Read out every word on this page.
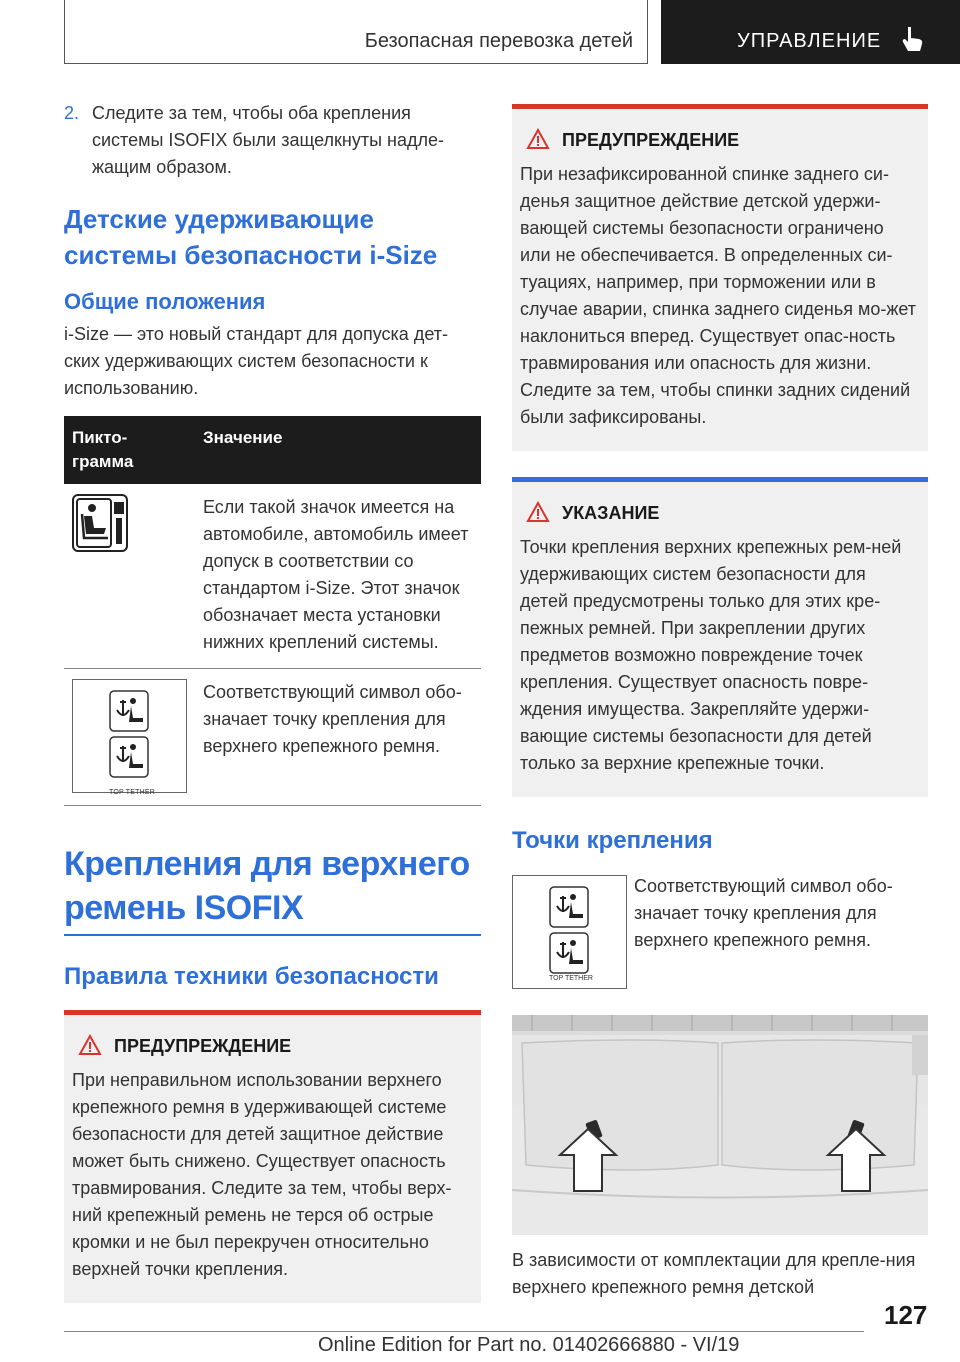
Безопасная перевозка детей	УПРАВЛЕНИЕ
2. Следите за тем, чтобы оба крепления системы ISOFIX были защелкнуты надле-жащим образом.
Детские удерживающие системы безопасности i-Size
Общие положения
i-Size — это новый стандарт для допуска дет-ских удерживающих систем безопасности к использованию.
Пикто-грамма	Значение
	Если такой значок имеется на автомобиле, автомобиль имеет допуск в соответствии со стандартом i-Size. Этот значок обозначает места установки нижних креплений системы.

TOP TETHER	Соответствующий символ обо-значает точку крепления для верхнего крепежного ремня.
Крепления для верхнего ремень ISOFIX
Правила техники безопасности
ПРЕДУПРЕЖДЕНИЕ
При неправильном использовании верхнего крепежного ремня в удерживающей системе безопасности для детей защитное действие может быть снижено. Существует опасность травмирования. Следите за тем, чтобы верх-ний крепежный ремень не терся об острые кромки и не был перекручен относительно верхней точки крепления.
ПРЕДУПРЕЖДЕНИЕ
При незафиксированной спинке заднего си-денья защитное действие детской удержи-вающей системы безопасности ограничено или не обеспечивается. В определенных си-туациях, например, при торможении или в случае аварии, спинка заднего сиденья мо-жет наклониться вперед. Существует опас-ность травмирования или опасность для жизни. Следите за тем, чтобы спинки задних сидений были зафиксированы.
УКАЗАНИЕ
Точки крепления верхних крепежных рем-ней удерживающих систем безопасности для детей предусмотрены только для этих кре-пежных ремней. При закреплении других предметов возможно повреждение точек крепления. Существует опасность повре-ждения имущества. Закрепляйте удержи-вающие системы безопасности для детей только за верхние крепежные точки.
Точки крепления
TOP TETHER
Соответствующий символ обо-значает точку крепления для верхнего крепежного ремня.
В зависимости от комплектации для крепле-ния верхнего крепежного ремня детской
127
Online Edition for Part no. 01402666880 - VI/19
